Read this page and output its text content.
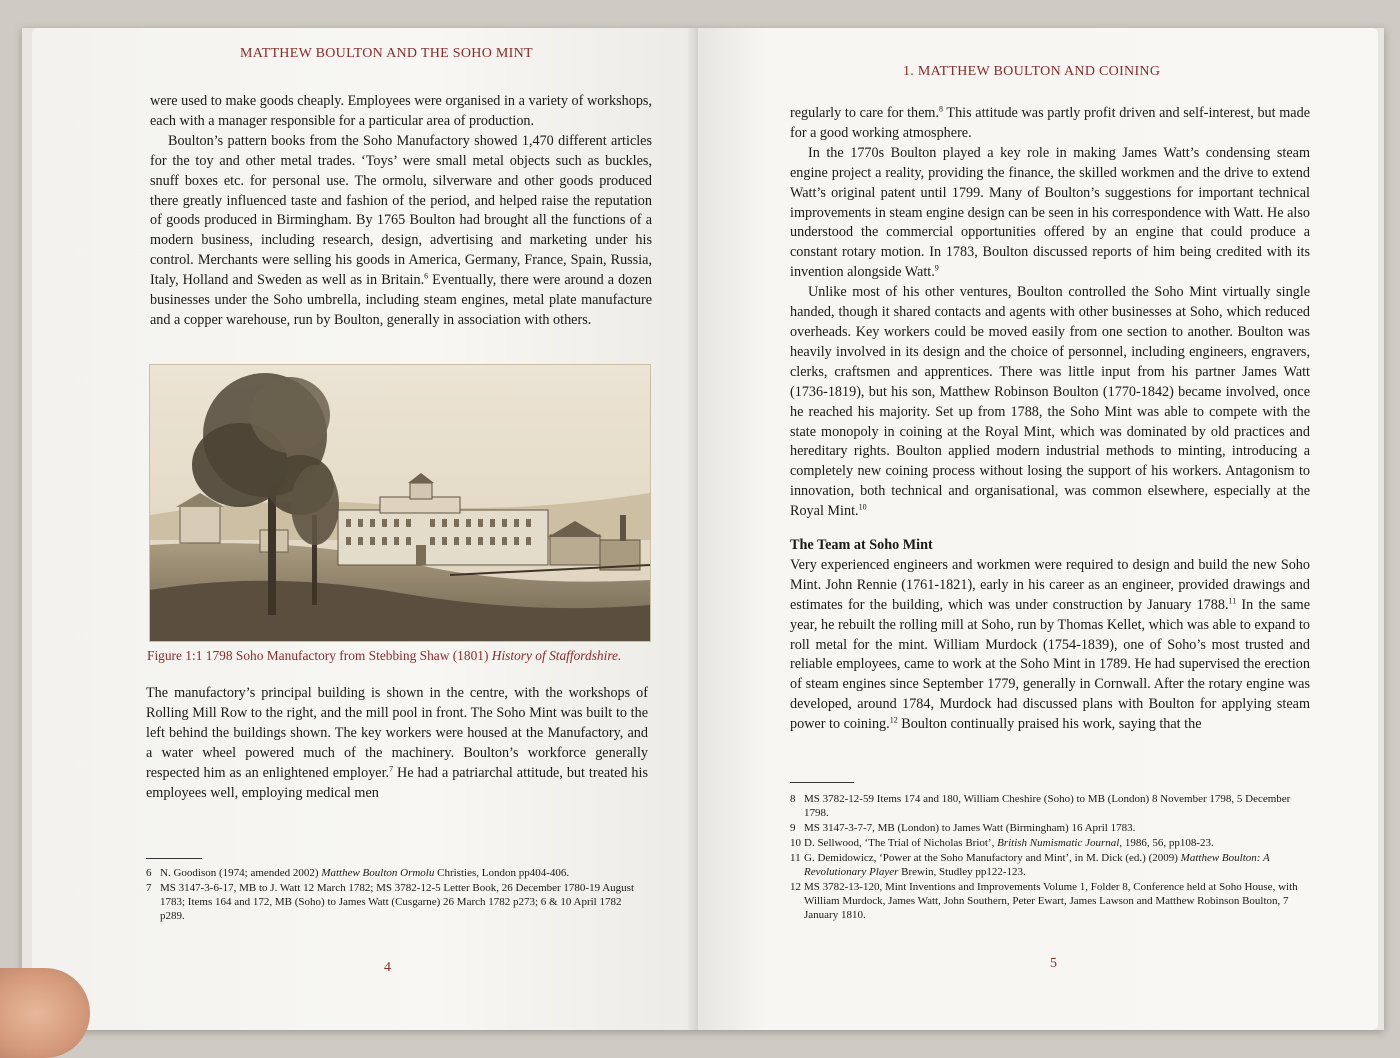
MATTHEW BOULTON AND THE SOHO MINT

were used to make goods cheaply. Employees were organised in a variety of workshops, each with a manager responsible for a particular area of production.

Boulton’s pattern books from the Soho Manufactory showed 1,470 different articles for the toy and other metal trades. ‘Toys’ were small metal objects such as buckles, snuff boxes etc. for personal use. The ormolu, silverware and other goods produced there greatly influenced taste and fashion of the period, and helped raise the reputation of goods produced in Birmingham. By 1765 Boulton had brought all the functions of a modern business, including research, design, advertising and marketing under his control. Merchants were selling his goods in America, Germany, France, Spain, Russia, Italy, Holland and Sweden as well as in Britain.$^6$ Eventually, there were around a dozen businesses under the Soho umbrella, including steam engines, metal plate manufacture and a copper warehouse, run by Boulton, generally in association with others.

Figure 1:1 1798 Soho Manufactory from Stebbing Shaw (1801) History of Staffordshire.

The manufactory’s principal building is shown in the centre, with the workshops of Rolling Mill Row to the right, and the mill pool in front. The Soho Mint was built to the left behind the buildings shown. The key workers were housed at the Manufactory, and a water wheel powered much of the machinery. Boulton’s workforce generally respected him as an enlightened employer.$^7$ He had a patriarchal attitude, but treated his employees well, employing medical men

6 N. Goodison (1974; amended 2002) Matthew Boulton Ormolu Christies, London pp404-406.

7 MS 3147-3-6-17, MB to J. Watt 12 March 1782; MS 3782-12-5 Letter Book, 26 December 1780-19 August 1783; Items 164 and 172, MB (Soho) to James Watt (Cusgarne) 26 March 1782 p273; 6 & 10 April 1782 p289.

4
1. MATTHEW BOULTON AND COINING

regularly to care for them.$^8$ This attitude was partly profit driven and self-interest, but made for a good working atmosphere.

In the 1770s Boulton played a key role in making James Watt’s condensing steam engine project a reality, providing the finance, the skilled workmen and the drive to extend Watt’s original patent until 1799. Many of Boulton’s suggestions for important technical improvements in steam engine design can be seen in his correspondence with Watt. He also understood the commercial opportunities offered by an engine that could produce a constant rotary motion. In 1783, Boulton discussed reports of him being credited with its invention alongside Watt.$^9$

Unlike most of his other ventures, Boulton controlled the Soho Mint virtually single handed, though it shared contacts and agents with other businesses at Soho, which reduced overheads. Key workers could be moved easily from one section to another. Boulton was heavily involved in its design and the choice of personnel, including engineers, engravers, clerks, craftsmen and apprentices. There was little input from his partner James Watt (1736-1819), but his son, Matthew Robinson Boulton (1770-1842) became involved, once he reached his majority. Set up from 1788, the Soho Mint was able to compete with the state monopoly in coining at the Royal Mint, which was dominated by old practices and hereditary rights. Boulton applied modern industrial methods to minting, introducing a completely new coining process without losing the support of his workers. Antagonism to innovation, both technical and organisational, was common elsewhere, especially at the Royal Mint.$^{10}$

The Team at Soho Mint

Very experienced engineers and workmen were required to design and build the new Soho Mint. John Rennie (1761-1821), early in his career as an engineer, provided drawings and estimates for the building, which was under construction by January 1788.11 In the same year, he rebuilt the rolling mill at Soho, run by Thomas Kellet, which was able to expand to roll metal for the mint. William Murdock (1754-1839), one of Soho’s most trusted and reliable employees, came to work at the Soho Mint in 1789. He had supervised the erection of steam engines since September 1779, generally in Cornwall. After the rotary engine was developed, around 1784, Murdock had discussed plans with Boulton for applying steam power to coining.$^{12}$ Boulton continually praised his work, saying that the

8 MS 3782-12-59 Items 174 and 180, William Cheshire (Soho) to MB (London) 8 November 1798, 5 December 1798.

9 MS 3147-3-7-7, MB (London) to James Watt (Birmingham) 16 April 1783.

10 D. Sellwood, ‘The Trial of Nicholas Briot’, British Numismatic Journal, 1986, 56, pp108-23.

11 G. Demidowicz, ‘Power at the Soho Manufactory and Mint’, in M. Dick (ed.) (2009) Matthew Boulton: A Revolutionary Player Brewin, Studley pp122-123.

12 MS 3782-13-120, Mint Inventions and Improvements Volume 1, Folder 8, Conference held at Soho House, with William Murdock, James Watt, John Southern, Peter Ewart, James Lawson and Matthew Robinson Boulton, 7 January 1810.

5
